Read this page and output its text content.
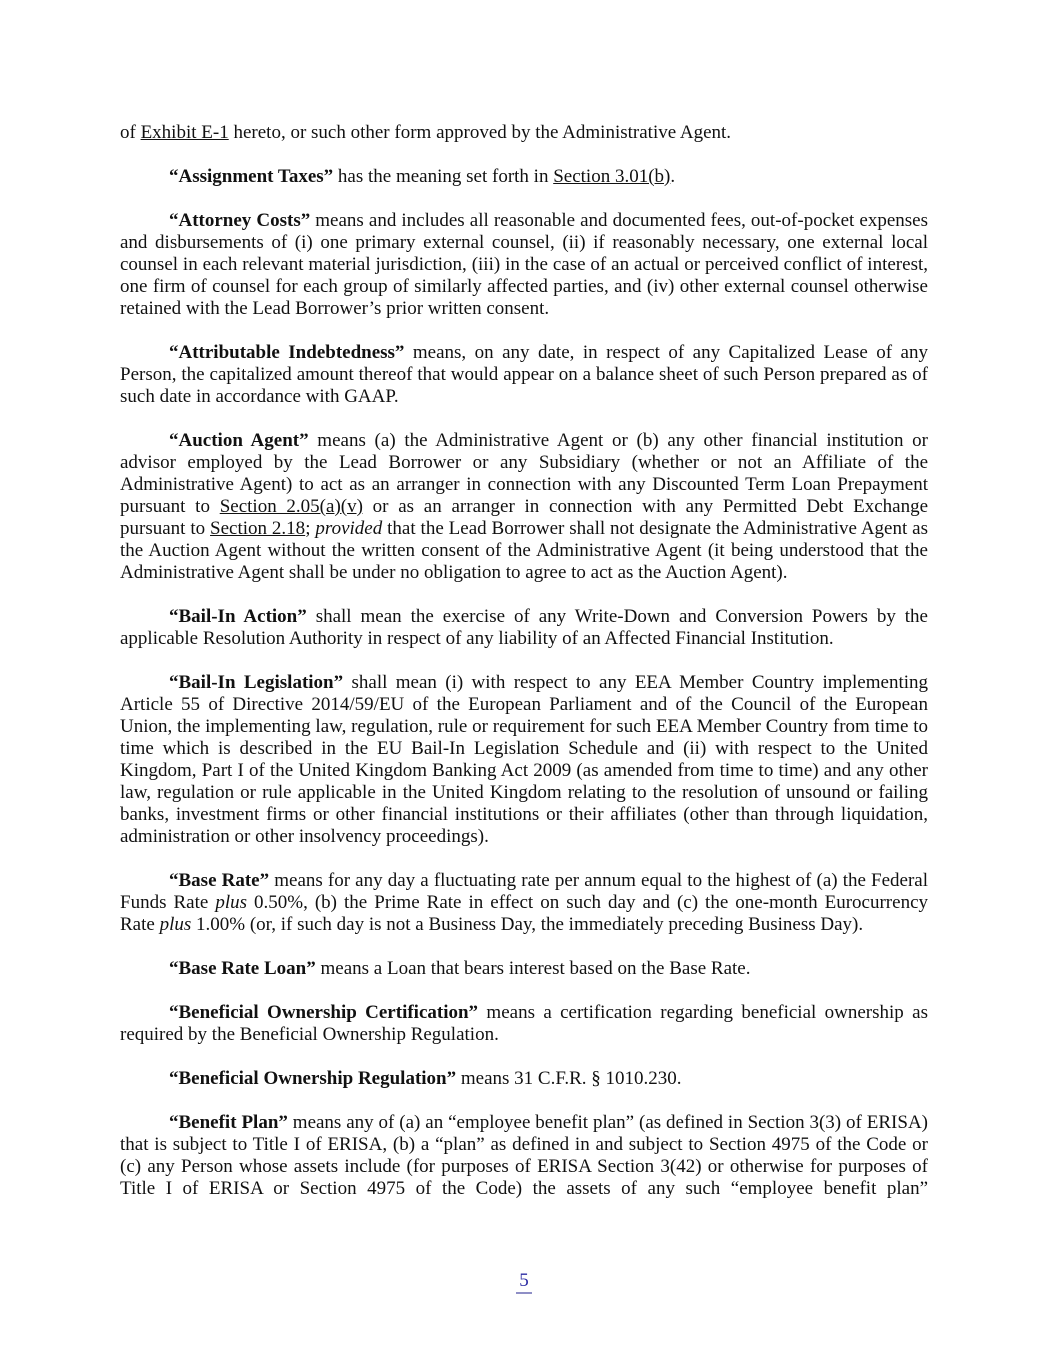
of Exhibit E-1 hereto, or such other form approved by the Administrative Agent.

“Assignment Taxes” has the meaning set forth in Section 3.01(b).

“Attorney Costs” means and includes all reasonable and documented fees, out-of-pocket expenses and disbursements of (i) one primary external counsel, (ii) if reasonably necessary, one external local counsel in each relevant material jurisdiction, (iii) in the case of an actual or perceived conflict of interest, one firm of counsel for each group of similarly affected parties, and (iv) other external counsel otherwise retained with the Lead Borrower’s prior written consent.

“Attributable Indebtedness” means, on any date, in respect of any Capitalized Lease of any Person, the capitalized amount thereof that would appear on a balance sheet of such Person prepared as of such date in accordance with GAAP.

“Auction Agent” means (a) the Administrative Agent or (b) any other financial institution or advisor employed by the Lead Borrower or any Subsidiary (whether or not an Affiliate of the Administrative Agent) to act as an arranger in connection with any Discounted Term Loan Prepayment pursuant to Section 2.05(a)(v) or as an arranger in connection with any Permitted Debt Exchange pursuant to Section 2.18; provided that the Lead Borrower shall not designate the Administrative Agent as the Auction Agent without the written consent of the Administrative Agent (it being understood that the Administrative Agent shall be under no obligation to agree to act as the Auction Agent).

“Bail-In Action” shall mean the exercise of any Write-Down and Conversion Powers by the applicable Resolution Authority in respect of any liability of an Affected Financial Institution.

“Bail-In Legislation” shall mean (i) with respect to any EEA Member Country implementing Article 55 of Directive 2014/59/EU of the European Parliament and of the Council of the European Union, the implementing law, regulation, rule or requirement for such EEA Member Country from time to time which is described in the EU Bail-In Legislation Schedule and (ii) with respect to the United Kingdom, Part I of the United Kingdom Banking Act 2009 (as amended from time to time) and any other law, regulation or rule applicable in the United Kingdom relating to the resolution of unsound or failing banks, investment firms or other financial institutions or their affiliates (other than through liquidation, administration or other insolvency proceedings).

“Base Rate” means for any day a fluctuating rate per annum equal to the highest of (a) the Federal Funds Rate plus 0.50%, (b) the Prime Rate in effect on such day and (c) the one-month Eurocurrency Rate plus 1.00% (or, if such day is not a Business Day, the immediately preceding Business Day).

“Base Rate Loan” means a Loan that bears interest based on the Base Rate.

“Beneficial Ownership Certification” means a certification regarding beneficial ownership as required by the Beneficial Ownership Regulation.

“Beneficial Ownership Regulation” means 31 C.F.R. § 1010.230.

“Benefit Plan” means any of (a) an “employee benefit plan” (as defined in Section 3(3) of ERISA) that is subject to Title I of ERISA, (b) a “plan” as defined in and subject to Section 4975 of the Code or (c) any Person whose assets include (for purposes of ERISA Section 3(42) or otherwise for purposes of Title I of ERISA or Section 4975 of the Code) the assets of any such “employee benefit plan”

5
